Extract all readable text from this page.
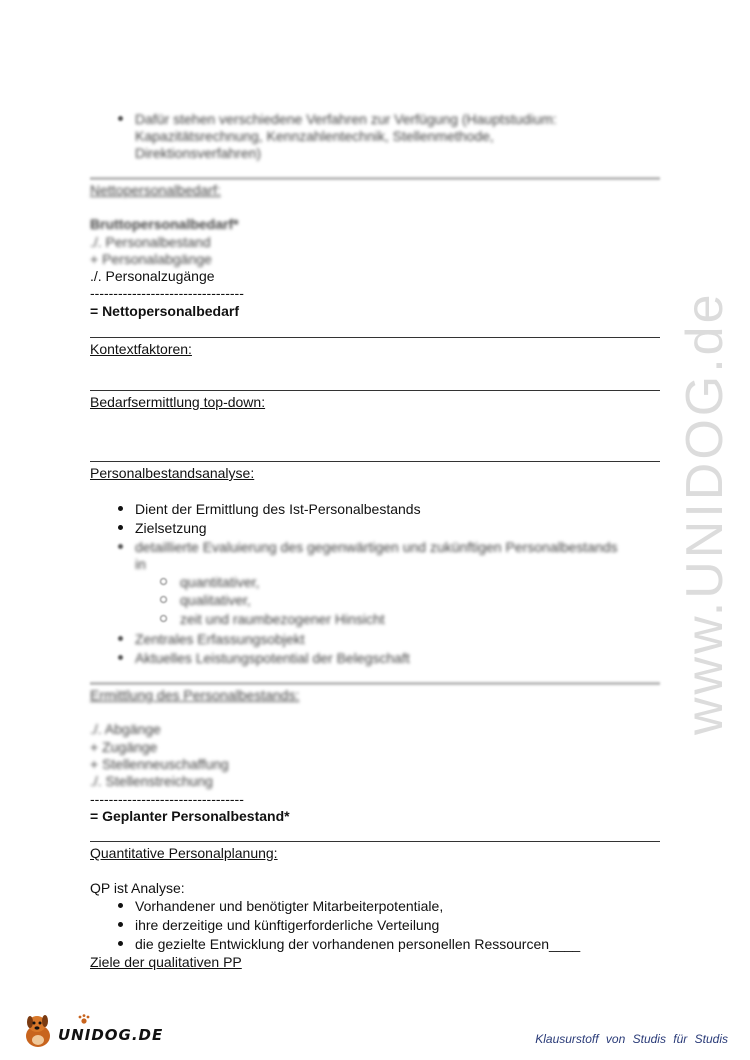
Dafür stehen verschiedene Verfahren zur Verfügung (Hauptstudium:
Kapazitätsrechnung, Kennzahlentechnik, Stellenmethode,
Direktionsverfahren)
Nettopersonalbedarf:
Bruttopersonalbedarf*
./. Personalbestand
+ Personalabgänge
./. Personalzugänge
---------------------------------
= Nettopersonalbedarf
Kontextfaktoren:
Bedarfsermittlung top-down:
Personalbestandsanalyse:
Dient der Ermittlung des Ist-Personalbestands
Zielsetzung
detaillierte Evaluierung des gegenwärtigen und zukünftigen Personalbestands
in
quantitativer,
qualitativer,
zeit und raumbezogener Hinsicht
Zentrales Erfassungsobjekt
Aktuelles Leistungspotential der Belegschaft
Ermittlung des Personalbestands:
./. Abgänge
+ Zugänge
+ Stellenneuschaffung
./. Stellenstreichung
---------------------------------
= Geplanter Personalbestand*
Quantitative Personalplanung:
QP ist Analyse:
Vorhandener und benötigter Mitarbeiterpotentiale,
ihre derzeitige und künftigerforderliche Verteilung
die gezielte Entwicklung der vorhandenen personellen Ressourcen____
Ziele der qualitativen PP
www.UNIDOG.de
UNIDOG.DE	Klausurstoff von Studis für Studis
